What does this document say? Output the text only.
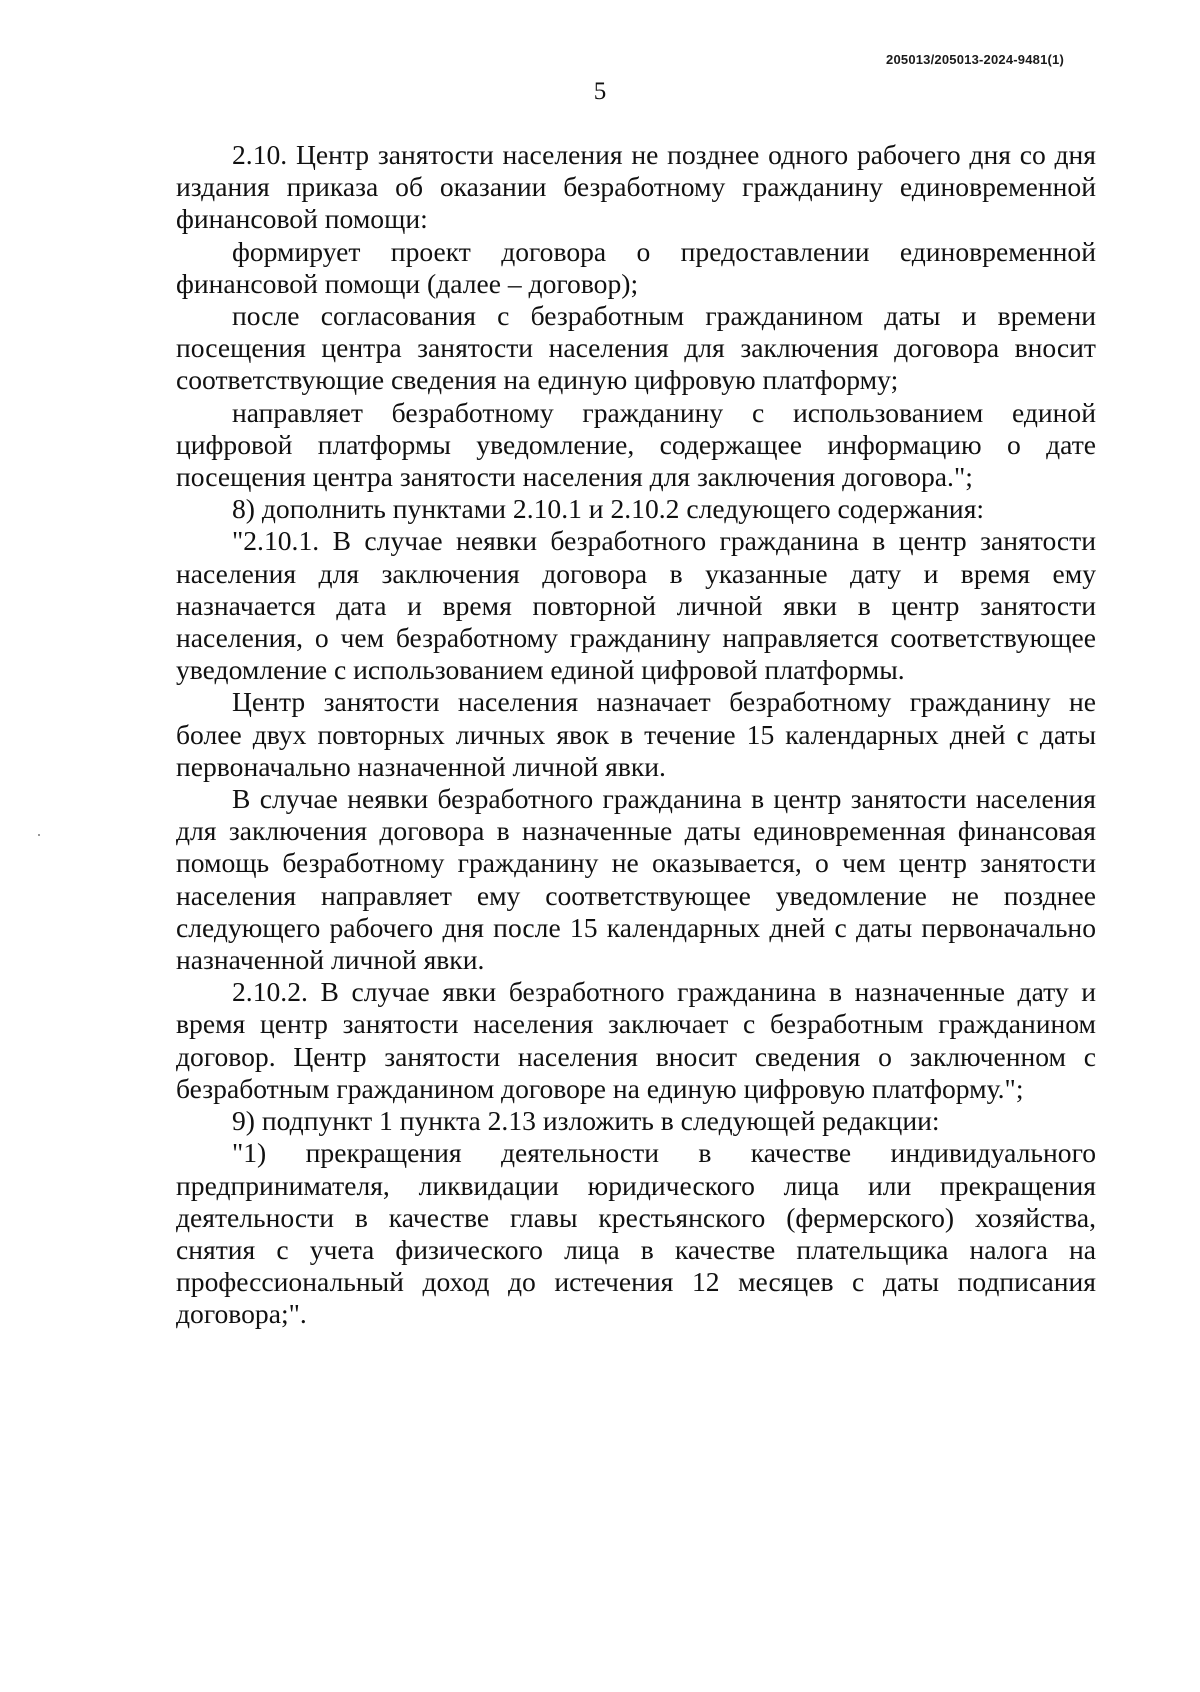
205013/205013-2024-9481(1)
5

2.10. Центр занятости населения не позднее одного рабочего дня со дня издания приказа об оказании безработному гражданину единовременной финансовой помощи:

формирует проект договора о предоставлении единовременной финансовой помощи (далее – договор);

после согласования с безработным гражданином даты и времени посещения центра занятости населения для заключения договора вносит соответствующие сведения на единую цифровую платформу;

направляет безработному гражданину с использованием единой цифровой платформы уведомление, содержащее информацию о дате посещения центра занятости населения для заключения договора.";

8) дополнить пунктами 2.10.1 и 2.10.2 следующего содержания:

"2.10.1. В случае неявки безработного гражданина в центр занятости населения для заключения договора в указанные дату и время ему назначается дата и время повторной личной явки в центр занятости населения, о чем безработному гражданину направляется соответствующее уведомление с использованием единой цифровой платформы.

Центр занятости населения назначает безработному гражданину не более двух повторных личных явок в течение 15 календарных дней с даты первоначально назначенной личной явки.

В случае неявки безработного гражданина в центр занятости населения для заключения договора в назначенные даты единовременная финансовая помощь безработному гражданину не оказывается, о чем центр занятости населения направляет ему соответствующее уведомление не позднее следующего рабочего дня после 15 календарных дней с даты первоначально назначенной личной явки.

2.10.2. В случае явки безработного гражданина в назначенные дату и время центр занятости населения заключает с безработным гражданином договор. Центр занятости населения вносит сведения о заключенном с безработным гражданином договоре на единую цифровую платформу.";

9) подпункт 1 пункта 2.13 изложить в следующей редакции:

"1) прекращения деятельности в качестве индивидуального предпринимателя, ликвидации юридического лица или прекращения деятельности в качестве главы крестьянского (фермерского) хозяйства, снятия с учета физического лица в качестве плательщика налога на профессиональный доход до истечения 12 месяцев с даты подписания договора;".
